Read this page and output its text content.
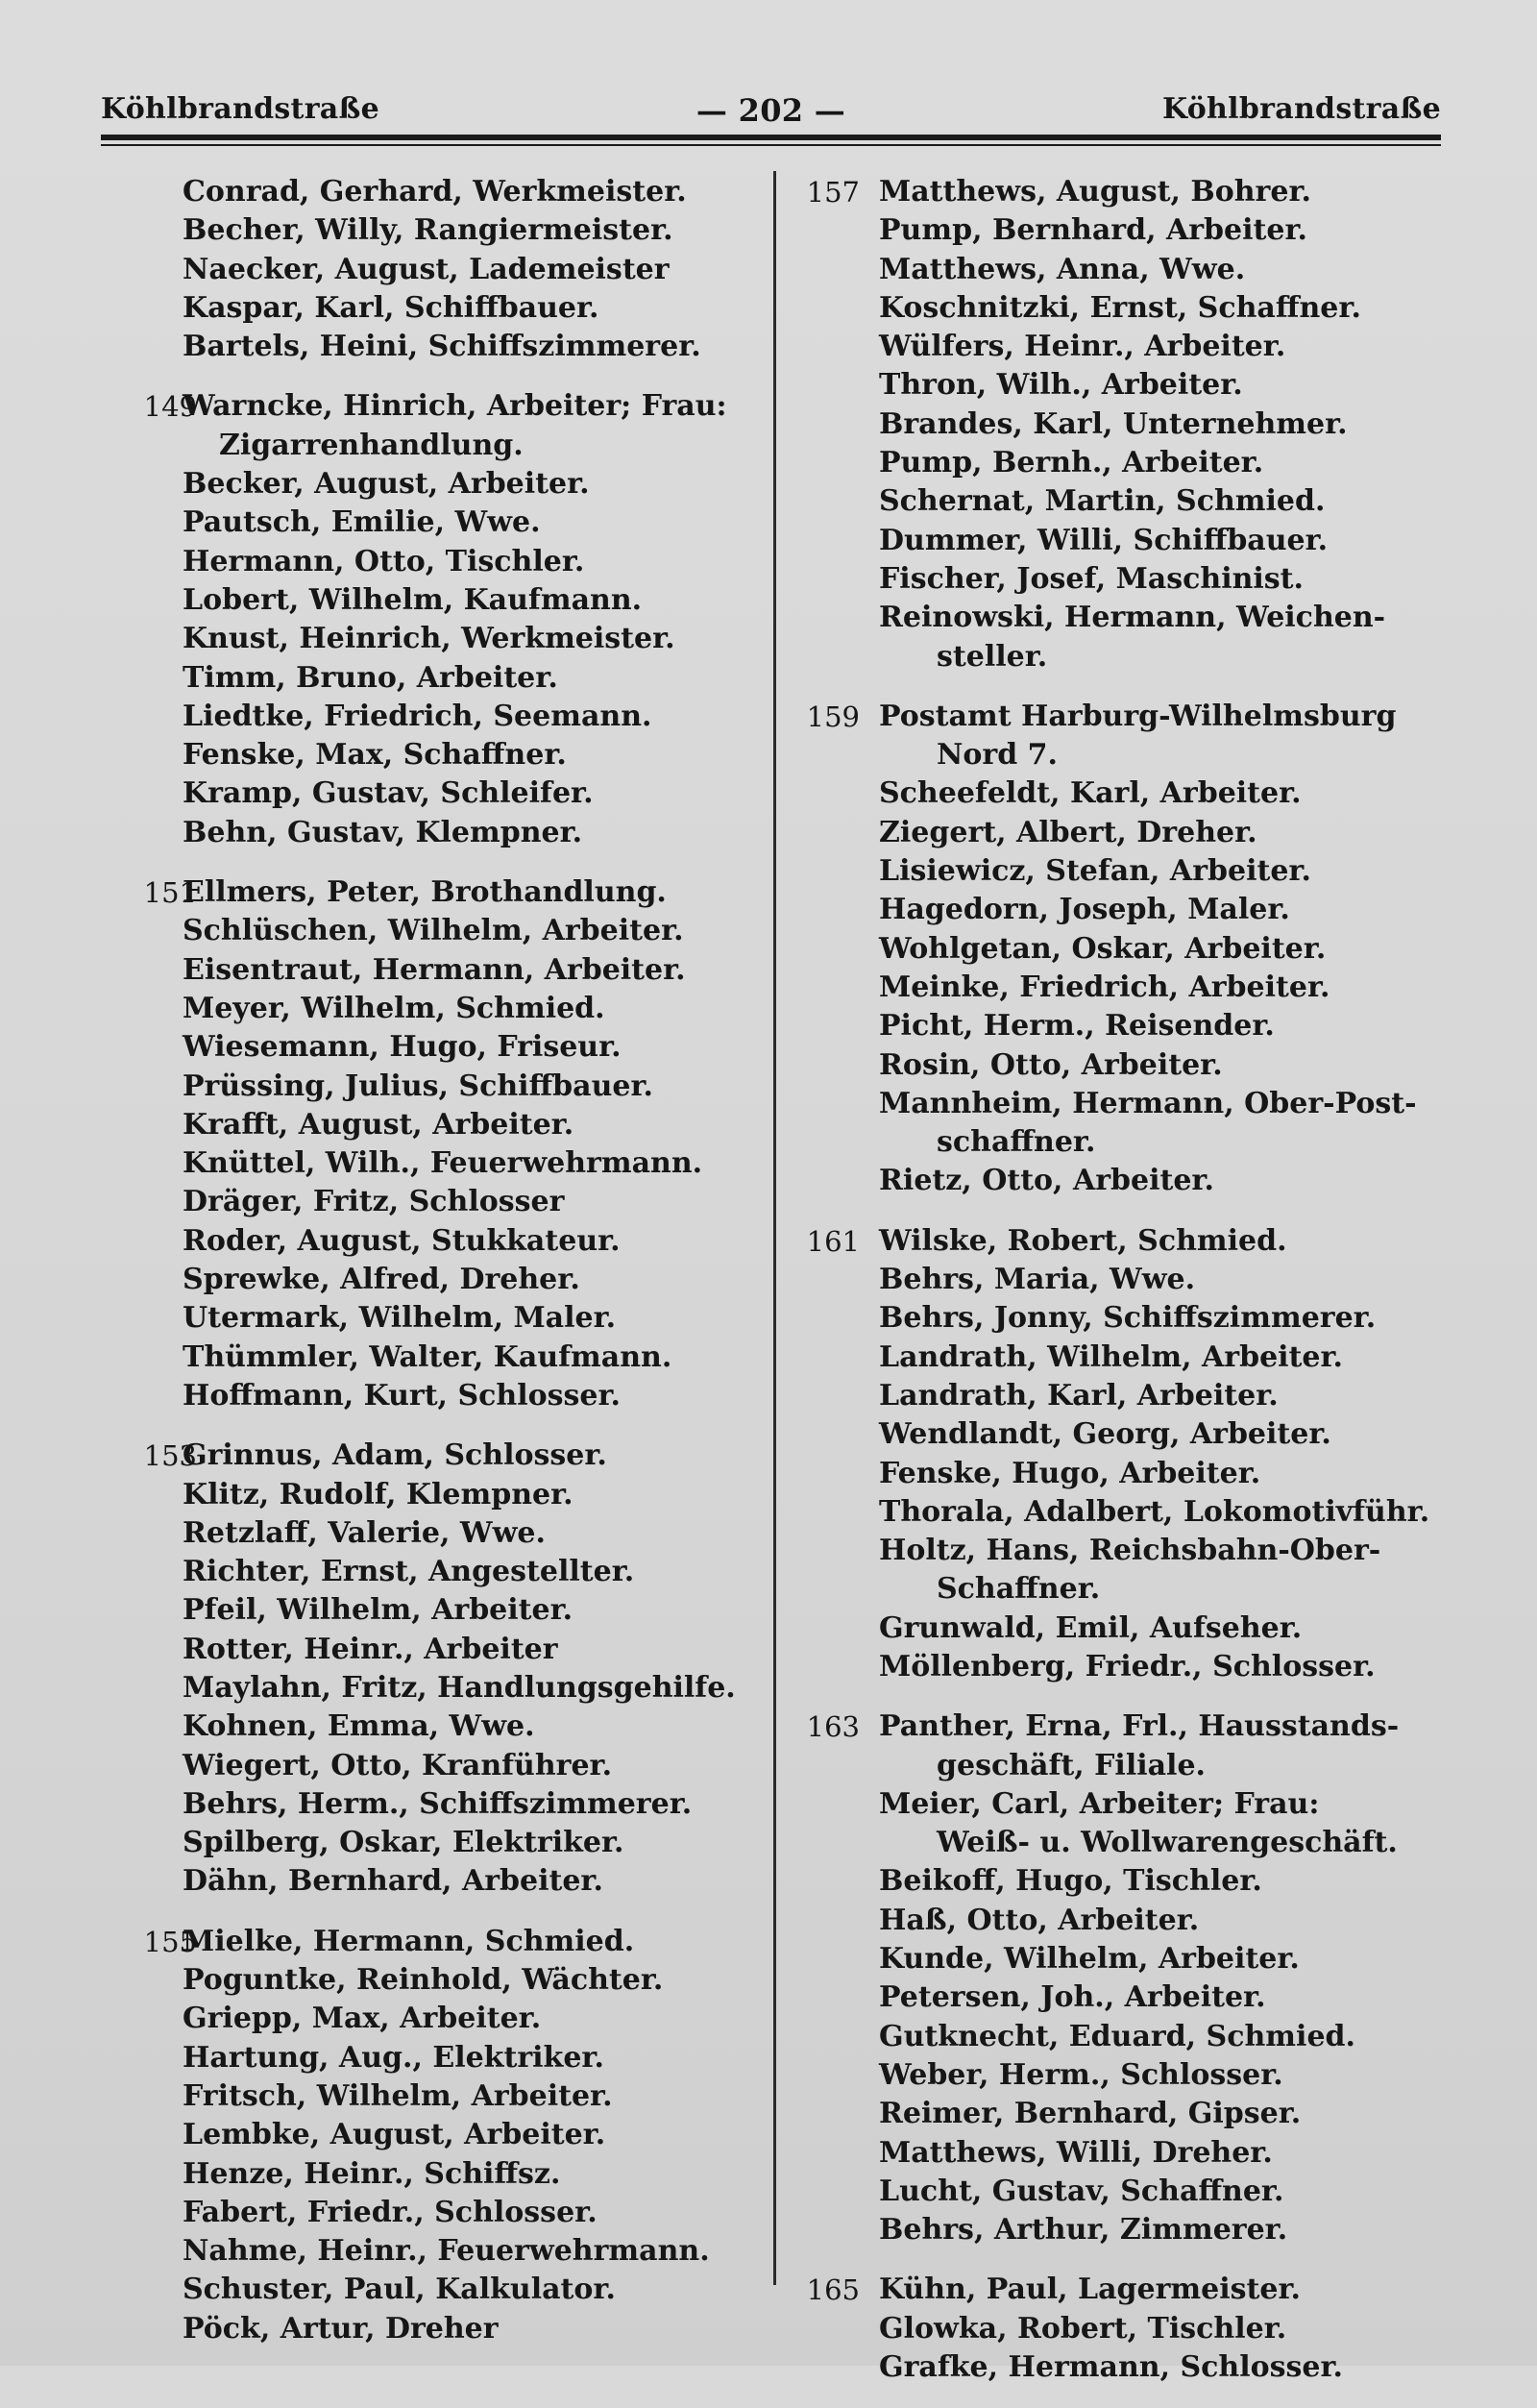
Köhlbrandstraße	— 202 —	Köhlbrandstraße
Conrad, Gerhard, Werkmeister.
Becher, Willy, Rangiermeister.
Naecker, August, Lademeister
Kaspar, Karl, Schiffbauer.
Bartels, Heini, Schiffszimmerer.
149
Warncke, Hinrich, Arbeiter; Frau:
Zigarrenhandlung.
Becker, August, Arbeiter.
Pautsch, Emilie, Wwe.
Hermann, Otto, Tischler.
Lobert, Wilhelm, Kaufmann.
Knust, Heinrich, Werkmeister.
Timm, Bruno, Arbeiter.
Liedtke, Friedrich, Seemann.
Fenske, Max, Schaffner.
Kramp, Gustav, Schleifer.
Behn, Gustav, Klempner.
151
Ellmers, Peter, Brothandlung.
Schlüschen, Wilhelm, Arbeiter.
Eisentraut, Hermann, Arbeiter.
Meyer, Wilhelm, Schmied.
Wiesemann, Hugo, Friseur.
Prüssing, Julius, Schiffbauer.
Krafft, August, Arbeiter.
Knüttel, Wilh., Feuerwehrmann.
Dräger, Fritz, Schlosser
Roder, August, Stukkateur.
Sprewke, Alfred, Dreher.
Utermark, Wilhelm, Maler.
Thümmler, Walter, Kaufmann.
Hoffmann, Kurt, Schlosser.
153
Grinnus, Adam, Schlosser.
Klitz, Rudolf, Klempner.
Retzlaff, Valerie, Wwe.
Richter, Ernst, Angestellter.
Pfeil, Wilhelm, Arbeiter.
Rotter, Heinr., Arbeiter
Maylahn, Fritz, Handlungsgehilfe.
Kohnen, Emma, Wwe.
Wiegert, Otto, Kranführer.
Behrs, Herm., Schiffszimmerer.
Spilberg, Oskar, Elektriker.
Dähn, Bernhard, Arbeiter.
155
Mielke, Hermann, Schmied.
Poguntke, Reinhold, Wächter.
Griepp, Max, Arbeiter.
Hartung, Aug., Elektriker.
Fritsch, Wilhelm, Arbeiter.
Lembke, August, Arbeiter.
Henze, Heinr., Schiffsz.
Fabert, Friedr., Schlosser.
Nahme, Heinr., Feuerwehrmann.
Schuster, Paul, Kalkulator.
Pöck, Artur, Dreher
157 Matthews, August, Bohrer.
Pump, Bernhard, Arbeiter.
Matthews, Anna, Wwe.
Koschnitzki, Ernst, Schaffner.
Wülfers, Heinr., Arbeiter.
Thron, Wilh., Arbeiter.
Brandes, Karl, Unternehmer.
Pump, Bernh., Arbeiter.
Schernat, Martin, Schmied.
Dummer, Willi, Schiffbauer.
Fischer, Josef, Maschinist.
Reinowski, Hermann, Weichen-
steller.
159 Postamt Harburg-Wilhelmsburg
Nord 7.
Scheefeldt, Karl, Arbeiter.
Ziegert, Albert, Dreher.
Lisiewicz, Stefan, Arbeiter.
Hagedorn, Joseph, Maler.
Wohlgetan, Oskar, Arbeiter.
Meinke, Friedrich, Arbeiter.
Picht, Herm., Reisender.
Rosin, Otto, Arbeiter.
Mannheim, Hermann, Ober-Post-
schaffner.
Rietz, Otto, Arbeiter.
161 Wilske, Robert, Schmied.
Behrs, Maria, Wwe.
Behrs, Jonny, Schiffszimmerer.
Landrath, Wilhelm, Arbeiter.
Landrath, Karl, Arbeiter.
Wendlandt, Georg, Arbeiter.
Fenske, Hugo, Arbeiter.
Thorala, Adalbert, Lokomotivführ.
Holtz, Hans, Reichsbahn-Ober-
Schaffner.
Grunwald, Emil, Aufseher.
Möllenberg, Friedr., Schlosser.
163 Panther, Erna, Frl., Hausstands-
geschäft, Filiale.
Meier, Carl, Arbeiter; Frau:
Weiß- u. Wollwarengeschäft.
Beikoff, Hugo, Tischler.
Haß, Otto, Arbeiter.
Kunde, Wilhelm, Arbeiter.
Petersen, Joh., Arbeiter.
Gutknecht, Eduard, Schmied.
Weber, Herm., Schlosser.
Reimer, Bernhard, Gipser.
Matthews, Willi, Dreher.
Lucht, Gustav, Schaffner.
Behrs, Arthur, Zimmerer.
165 Kühn, Paul, Lagermeister.
Glowka, Robert, Tischler.
Grafke, Hermann, Schlosser.
